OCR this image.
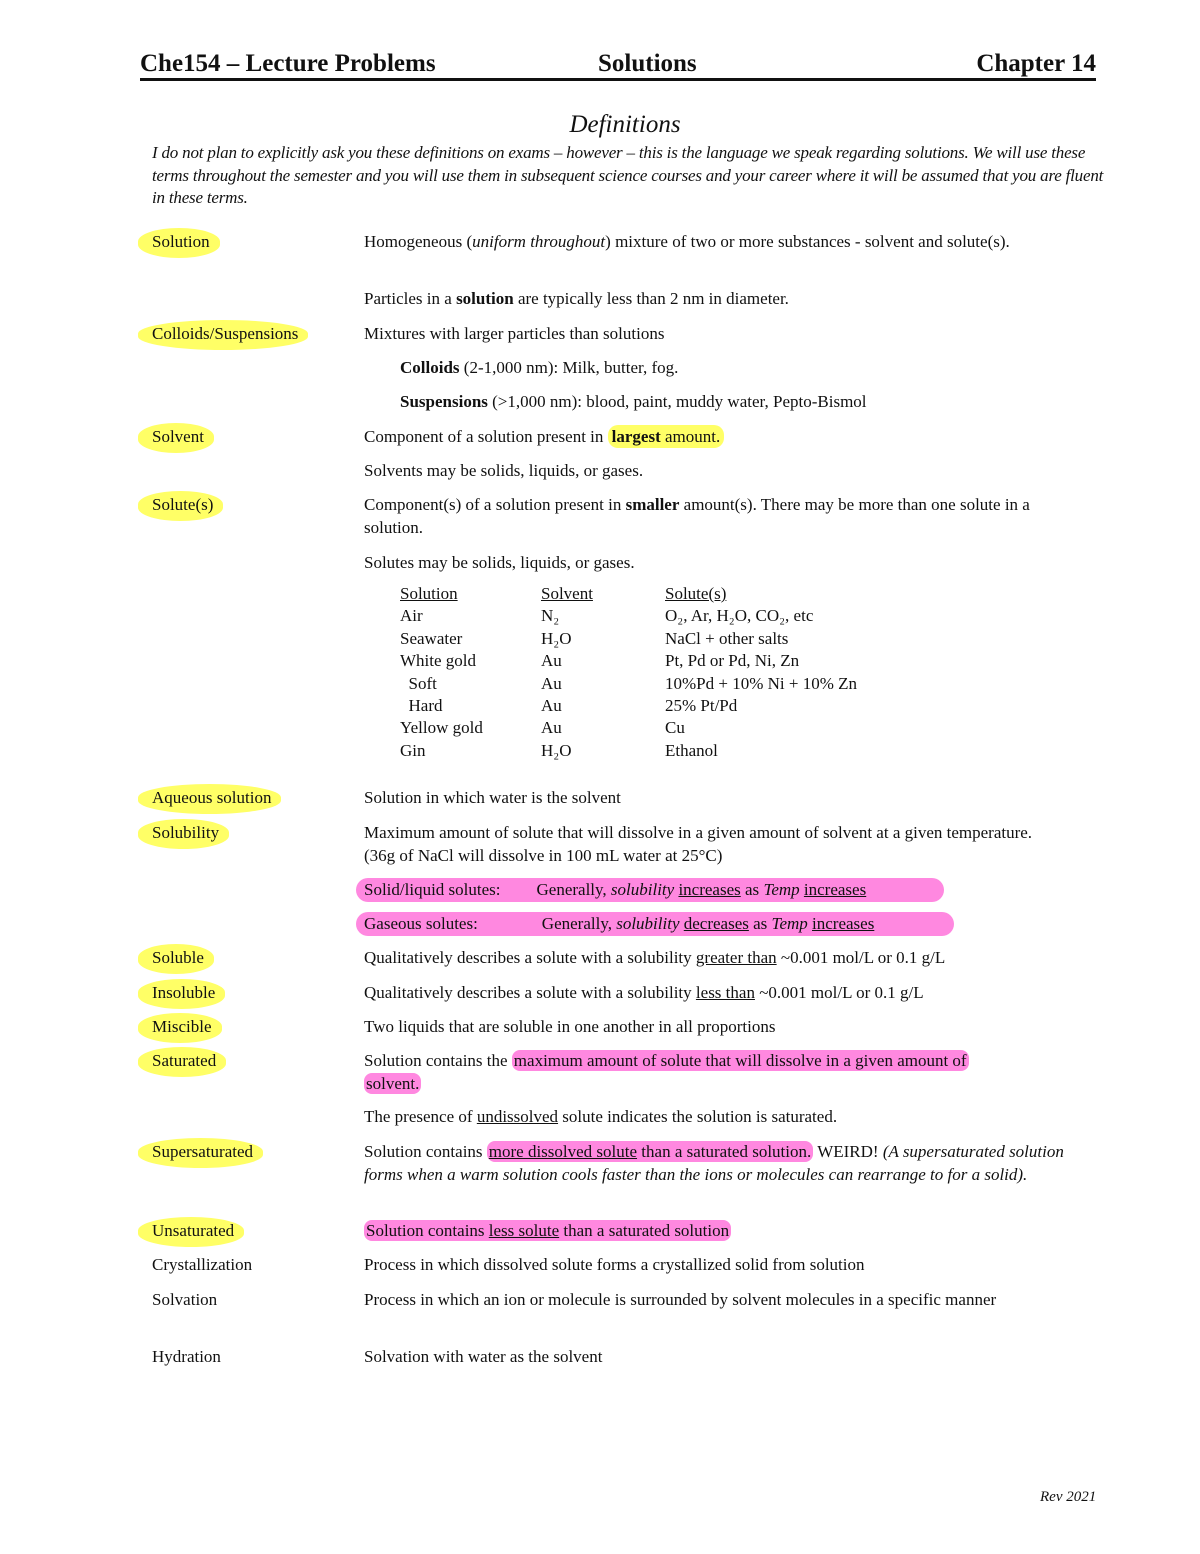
Che154 – Lecture Problems	Solutions	Chapter 14
Definitions
I do not plan to explicitly ask you these definitions on exams – however – this is the language we speak regarding solutions. We will use these terms throughout the semester and you will use them in subsequent science courses and your career where it will be assumed that you are fluent in these terms.
Solution	Homogeneous (uniform throughout) mixture of two or more substances - solvent and solute(s).
Particles in a solution are typically less than 2 nm in diameter.
Colloids/Suspensions	Mixtures with larger particles than solutions
Colloids (2-1,000 nm): Milk, butter, fog.
Suspensions (>1,000 nm): blood, paint, muddy water, Pepto-Bismol
Solvent	Component of a solution present in largest amount.
Solvents may be solids, liquids, or gases.
Solute(s)	Component(s) of a solution present in smaller amount(s). There may be more than one solute in a solution.
Solutes may be solids, liquids, or gases.
Solution	Solvent	Solute(s)
Air	N₂	O₂, Ar, H₂O, CO₂, etc
Seawater	H₂O	NaCl + other salts
White gold	Au	Pt, Pd or Pd, Ni, Zn
Soft	Au	10%Pd + 10% Ni + 10% Zn
Hard	Au	25% Pt/Pd
Yellow gold	Au	Cu
Gin	H₂O	Ethanol
Aqueous solution	Solution in which water is the solvent
Solubility	Maximum amount of solute that will dissolve in a given amount of solvent at a given temperature. (36g of NaCl will dissolve in 100 mL water at 25°C)
Solid/liquid solutes: Generally, solubility increases as Temp increases
Gaseous solutes:	Generally, solubility decreases as Temp increases
Soluble	Qualitatively describes a solute with a solubility greater than ~0.001 mol/L or 0.1 g/L
Insoluble	Qualitatively describes a solute with a solubility less than ~0.001 mol/L or 0.1 g/L
Miscible	Two liquids that are soluble in one another in all proportions
Saturated	Solution contains the maximum amount of solute that will dissolve in a given amount of
solvent.
The presence of undissolved solute indicates the solution is saturated.
Supersaturated	Solution contains more dissolved solute than a saturated solution. WEIRD! (A supersaturated solution forms when a warm solution cools faster than the ions or molecules can rearrange to for a solid).
Unsaturated	Solution contains less solute than a saturated solution
Crystallization	Process in which dissolved solute forms a crystallized solid from solution
Solvation	Process in which an ion or molecule is surrounded by solvent molecules in a specific manner
Hydration	Solvation with water as the solvent
Rev 2021
